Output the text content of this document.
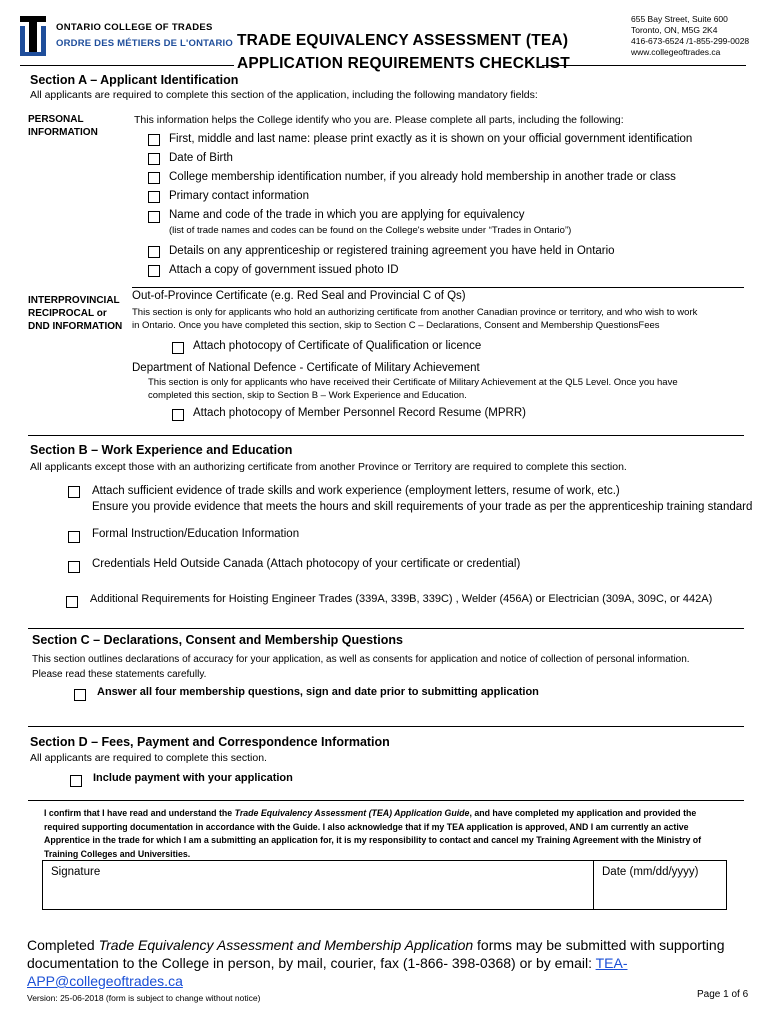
ONTARIO COLLEGE OF TRADES
ORDRE DES MÉTIERS DE L'ONTARIO TRADE EQUIVALENCY ASSESSMENT (TEA)
APPLICATION REQUIREMENTS CHECKLIST
655 Bay Street, Suite 600
Toronto, ON, M5G 2K4
416-673-6524 /1-855-299-0028
www.collegeoftrades.ca
Section A – Applicant Identification
All applicants are required to complete this section of the application, including the following mandatory fields:
PERSONAL
INFORMATION
This information helps the College identify who you are. Please complete all parts, including the following:
First, middle and last name: please print exactly as it is shown on your official government identification
Date of Birth
College membership identification number, if you already hold membership in another trade or class
Primary contact information
Name and code of the trade in which you are applying for equivalency
(list of trade names and codes can be found on the College's website under “Trades in Ontario”)
Details on any apprenticeship or registered training agreement you have held in Ontario
Attach a copy of government issued photo ID
INTERPROVINCIAL
RECIPROCAL or
DND INFORMATION
Out-of-Province Certificate (e.g. Red Seal and Provincial C of Qs)
This section is only for applicants who hold an authorizing certificate from another Canadian province or territory, and who wish to work
in Ontario. Once you have completed this section, skip to Section C – Declarations, Consent and Membership QuestionsFees
Attach photocopy of Certificate of Qualification or licence
Department of National Defence - Certificate of Military Achievement
This section is only for applicants who have received their Certificate of Military Achievement at the QL5 Level. Once you have
completed this section, skip to Section B – Work Experience and Education.
Attach photocopy of Member Personnel Record Resume (MPRR)
Section B – Work Experience and Education
All applicants except those with an authorizing certificate from another Province or Territory are required to complete this section.
Attach sufficient evidence of trade skills and work experience (employment letters, resume of work, etc.)
Ensure you provide evidence that meets the hours and skill requirements of your trade as per the apprenticeship training standard
Formal Instruction/Education Information
Credentials Held Outside Canada (Attach photocopy of your certificate or credential)
Additional Requirements for Hoisting Engineer Trades (339A, 339B, 339C) , Welder (456A) or Electrician (309A, 309C, or 442A)
Section C – Declarations, Consent and Membership Questions
This section outlines declarations of accuracy for your application, as well as consents for application and notice of collection of personal information.
Please read these statements carefully.
Answer all four membership questions, sign and date prior to submitting application
Section D – Fees, Payment and Correspondence Information
All applicants are required to complete this section.
Include payment with your application
I confirm that I have read and understand the Trade Equivalency Assessment (TEA) Application Guide, and have completed my application and provided the
required supporting documentation in accordance with the Guide. I also acknowledge that if my TEA application is approved, AND I am currently an active
Apprentice in the trade for which I am a submitting an application for, it is my responsibility to contact and cancel my Training Agreement with the Ministry of
Training Colleges and Universities.
Signature	Date (mm/dd/yyyy)
Completed Trade Equivalency Assessment and Membership Application forms may be submitted with supporting
documentation to the College in person, by mail, courier, fax (1-866- 398-0368) or by email: TEA-APP@collegeoftrades.ca
Version: 25-06-2018 (form is subject to change without notice)	Page 1 of 6
